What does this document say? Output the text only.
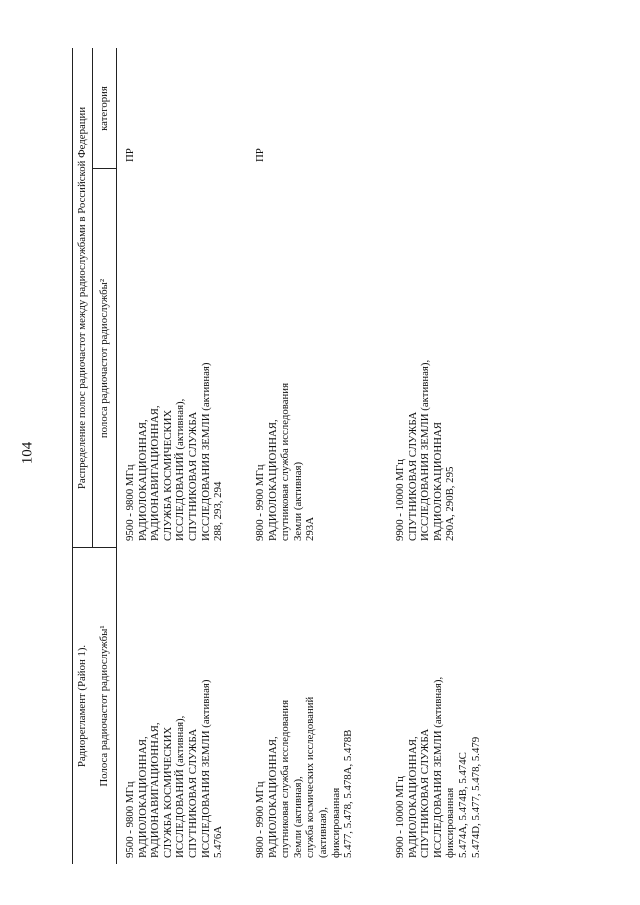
104
Радиорегламент (Район 1). Полоса радиочастот радиослужбы¹
Распределение полос радиочастот между радиослужбами в Российской Федерации полоса радиочастот радиослужбы²
категория
9500 - 9800 МГц
РАДИОЛОКАЦИОННАЯ,
РАДИОНАВИГАЦИОННАЯ,
СЛУЖБА КОСМИЧЕСКИХ
ИССЛЕДОВАНИЙ (активная),
СПУТНИКОВАЯ СЛУЖБА
ИССЛЕДОВАНИЯ ЗЕМЛИ (активная)
5.476A
9500 - 9800 МГц
РАДИОЛОКАЦИОННАЯ,
РАДИОНАВИГАЦИОННАЯ,
СЛУЖБА КОСМИЧЕСКИХ
ИССЛЕДОВАНИЙ (активная),
СПУТНИКОВАЯ СЛУЖБА
ИССЛЕДОВАНИЯ ЗЕМЛИ (активная)
288, 293, 294
ПР
9800 - 9900 МГц
РАДИОЛОКАЦИОННАЯ,
спутниковая служба исследования
Земли (активная),
служба космических исследований
(активная),
фиксированная
5.477, 5.478, 5.478A, 5.478B
9800 - 9900 МГц
РАДИОЛОКАЦИОННАЯ,
спутниковая служба исследования
Земли (активная)
293A
ПР
9900 - 10000 МГц
РАДИОЛОКАЦИОННАЯ,
СПУТНИКОВАЯ СЛУЖБА
ИССЛЕДОВАНИЯ ЗЕМЛИ (активная),
фиксированная
5.474A, 5.474B, 5.474C
5.474D, 5.477, 5.478, 5.479
9900 - 10000 МГц
СПУТНИКОВАЯ СЛУЖБА
ИССЛЕДОВАНИЯ ЗЕМЛИ (активная),
РАДИОЛОКАЦИОННАЯ
290A, 290B, 295
